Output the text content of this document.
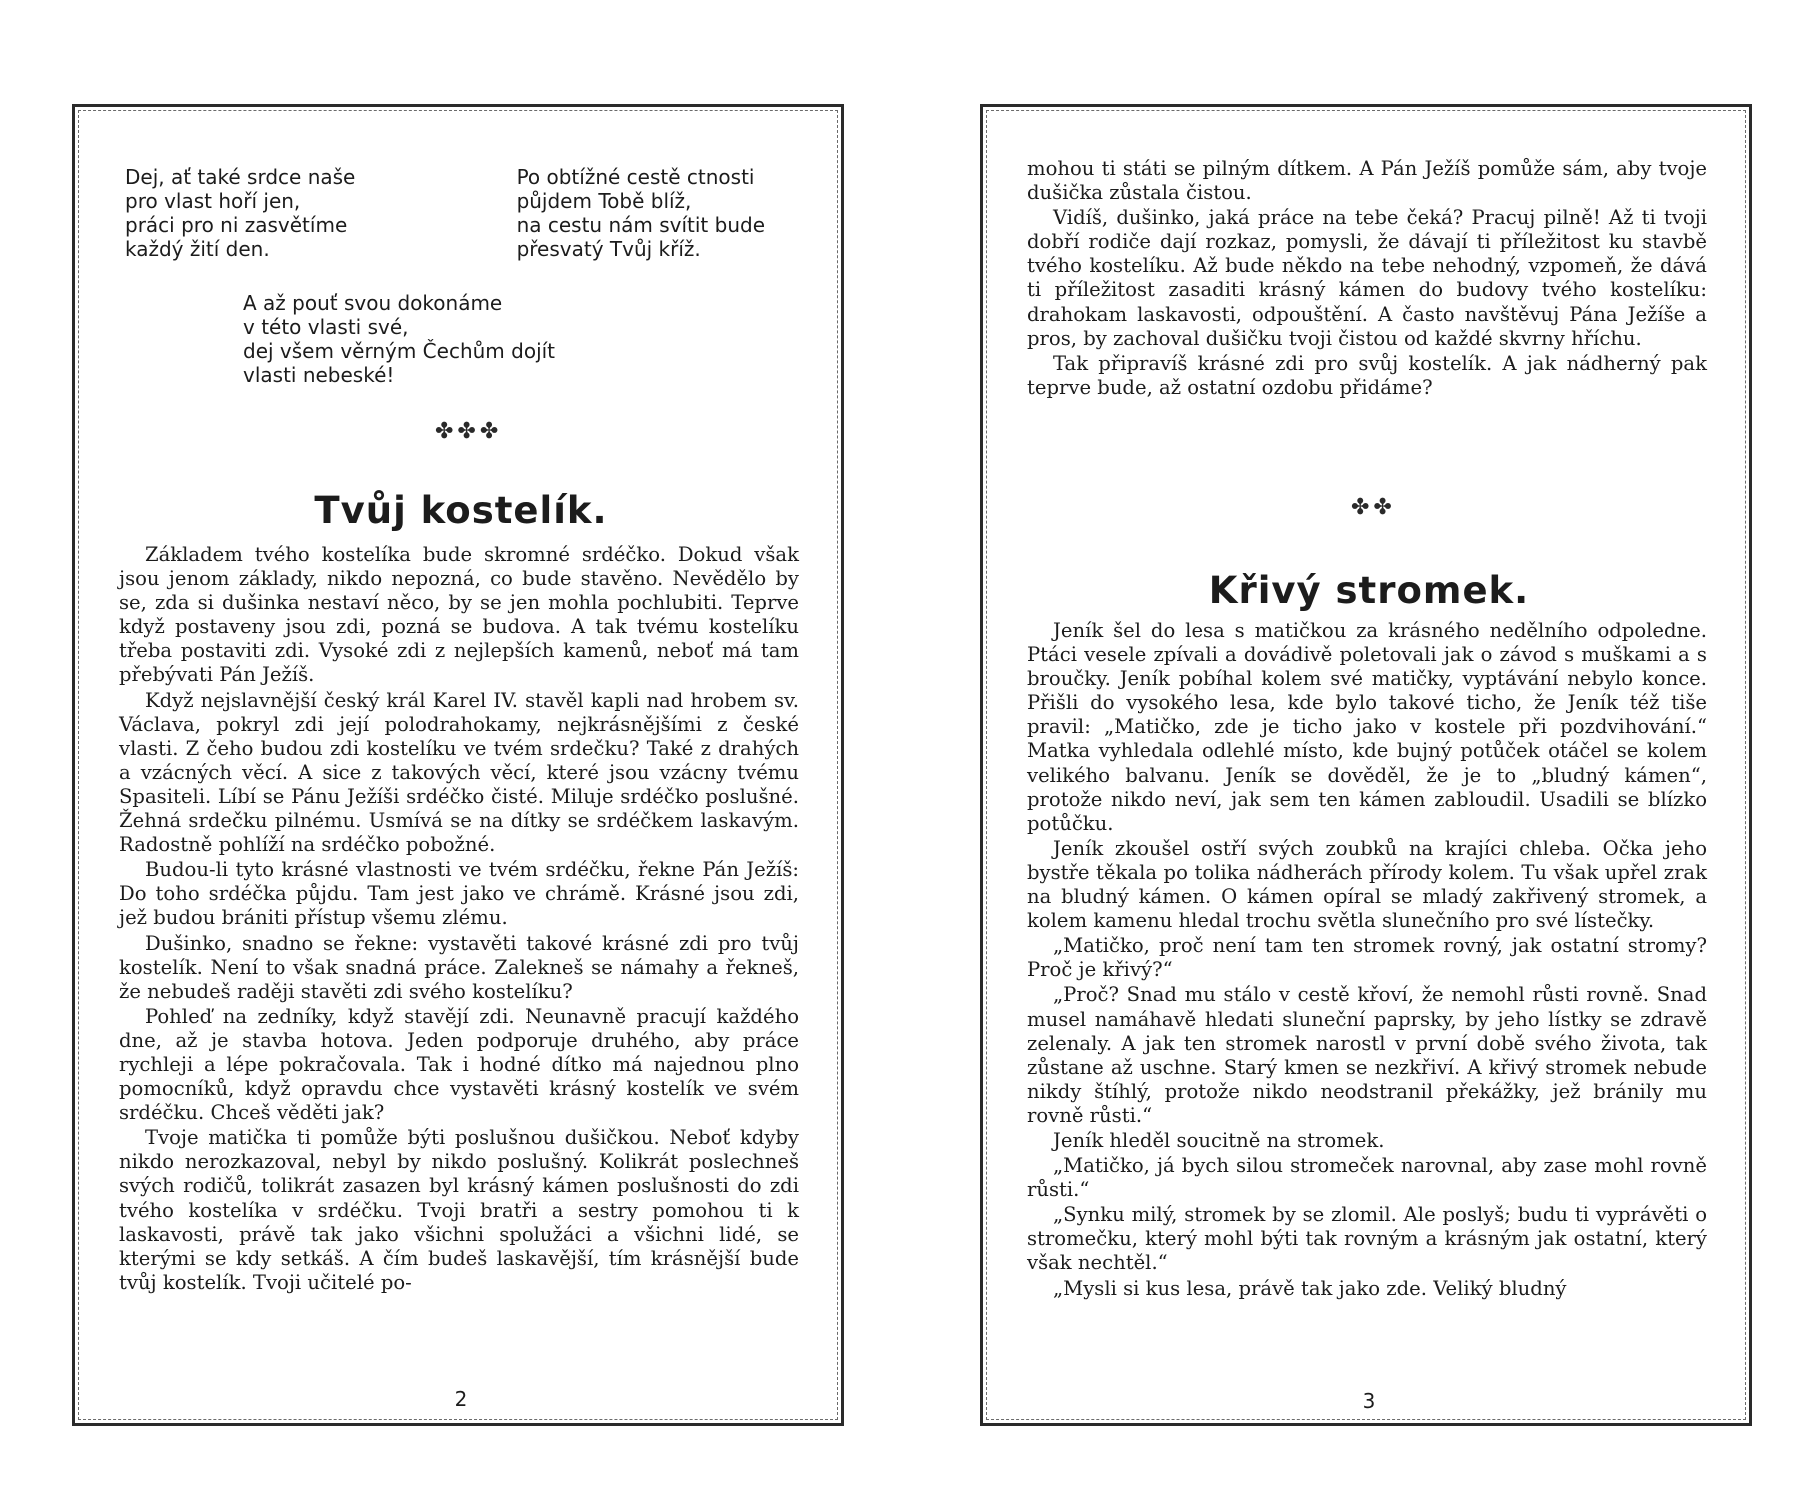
Dej, ať také srdce naše
pro vlast hoří jen,
práci pro ni zasvětíme
každý žití den.
Po obtížné cestě ctnosti
půjdem Tobě blíž,
na cestu nám svítit bude
přesvatý Tvůj kříž.
A až pouť svou dokonáme
v této vlasti své,
dej všem věrným Čechům dojít
vlasti nebeské!
✤✤✤
Tvůj kostelík.

Základem tvého kostelíka bude skromné srdéčko. Dokud však jsou jenom základy, nikdo nepozná, co bude stavěno. Nevědělo by se, zda si dušinka nestaví něco, by se jen mohla pochlubiti. Teprve když postaveny jsou zdi, pozná se budova. A tak tvému kostelíku třeba postaviti zdi. Vysoké zdi z nejlepších kamenů, neboť má tam přebývati Pán Ježíš.

Když nejslavnější český král Karel IV. stavěl kapli nad hrobem sv. Václava, pokryl zdi její polodrahokamy, nejkrásnějšími z české vlasti. Z čeho budou zdi kostelíku ve tvém srdečku? Také z drahých a vzácných věcí. A sice z takových věcí, které jsou vzácny tvému Spasiteli. Líbí se Pánu Ježíši srdéčko čisté. Miluje srdéčko poslušné. Žehná srdečku pilnému. Usmívá se na dítky se srdéčkem laskavým. Radostně pohlíží na srdéčko pobožné.

Budou-li tyto krásné vlastnosti ve tvém srdéčku, řekne Pán Ježíš: Do toho srdéčka půjdu. Tam jest jako ve chrámě. Krásné jsou zdi, jež budou brániti přístup všemu zlému.

Dušinko, snadno se řekne: vystavěti takové krásné zdi pro tvůj kostelík. Není to však snadná práce. Zalekneš se námahy a řekneš, že nebudeš raději stavěti zdi svého kostelíku?

Pohleď na zedníky, když stavějí zdi. Neunavně pracují každého dne, až je stavba hotova. Jeden podporuje druhého, aby práce rychleji a lépe pokračovala. Tak i hodné dítko má najednou plno pomocníků, když opravdu chce vystavěti krásný kostelík ve svém srdéčku. Chceš věděti jak?

Tvoje matička ti pomůže býti poslušnou dušičkou. Neboť kdyby nikdo nerozkazoval, nebyl by nikdo poslušný. Kolikrát poslechneš svých rodičů, tolikrát zasazen byl krásný kámen poslušnosti do zdi tvého kostelíka v srdéčku. Tvoji bratři a sestry pomohou ti k laskavosti, právě tak jako všichni spolužáci a všichni lidé, se kterými se kdy setkáš. A čím budeš laskavější, tím krásnější bude tvůj kostelík. Tvoji učitelé po-

2

mohou ti státi se pilným dítkem. A Pán Ježíš pomůže sám, aby tvoje dušička zůstala čistou.

Vidíš, dušinko, jaká práce na tebe čeká? Pracuj pilně! Až ti tvoji dobří rodiče dají rozkaz, pomysli, že dávají ti příležitost ku stavbě tvého kostelíku. Až bude někdo na tebe nehodný, vzpomeň, že dává ti příležitost zasaditi krásný kámen do budovy tvého kostelíku: drahokam laskavosti, odpouštění. A často navštěvuj Pána Ježíše a pros, by zachoval dušičku tvoji čistou od každé skvrny hříchu.

Tak připravíš krásné zdi pro svůj kostelík. A jak nádherný pak teprve bude, až ostatní ozdobu přidáme?

✤✤
Křivý stromek.

Jeník šel do lesa s matičkou za krásného nedělního odpoledne. Ptáci vesele zpívali a dovádivě poletovali jak o závod s muškami a s broučky. Jeník pobíhal kolem své matičky, vyptávání nebylo konce. Přišli do vysokého lesa, kde bylo takové ticho, že Jeník též tiše pravil: „Matičko, zde je ticho jako v kostele při pozdvihování.“ Matka vyhledala odlehlé místo, kde bujný potůček otáčel se kolem velikého balvanu. Jeník se dověděl, že je to „bludný kámen“, protože nikdo neví, jak sem ten kámen zabloudil. Usadili se blízko potůčku.

Jeník zkoušel ostří svých zoubků na krajíci chleba. Očka jeho bystře těkala po tolika nádherách přírody kolem. Tu však upřel zrak na bludný kámen. O kámen opíral se mladý zakřivený stromek, a kolem kamenu hledal trochu světla slunečního pro své lístečky.

„Matičko, proč není tam ten stromek rovný, jak ostatní stromy? Proč je křivý?“

„Proč? Snad mu stálo v cestě křoví, že nemohl růsti rovně. Snad musel namáhavě hledati sluneční paprsky, by jeho lístky se zdravě zelenaly. A jak ten stromek narostl v první době svého života, tak zůstane až uschne. Starý kmen se nezkřiví. A křivý stromek nebude nikdy štíhlý, protože nikdo neodstranil překážky, jež bránily mu rovně růsti.“

Jeník hleděl soucitně na stromek.

„Matičko, já bych silou stromeček narovnal, aby zase mohl rovně růsti.“

„Synku milý, stromek by se zlomil. Ale poslyš; budu ti vyprávěti o stromečku, který mohl býti tak rovným a krásným jak ostatní, který však nechtěl.“

„Mysli si kus lesa, právě tak jako zde. Veliký bludný

3
